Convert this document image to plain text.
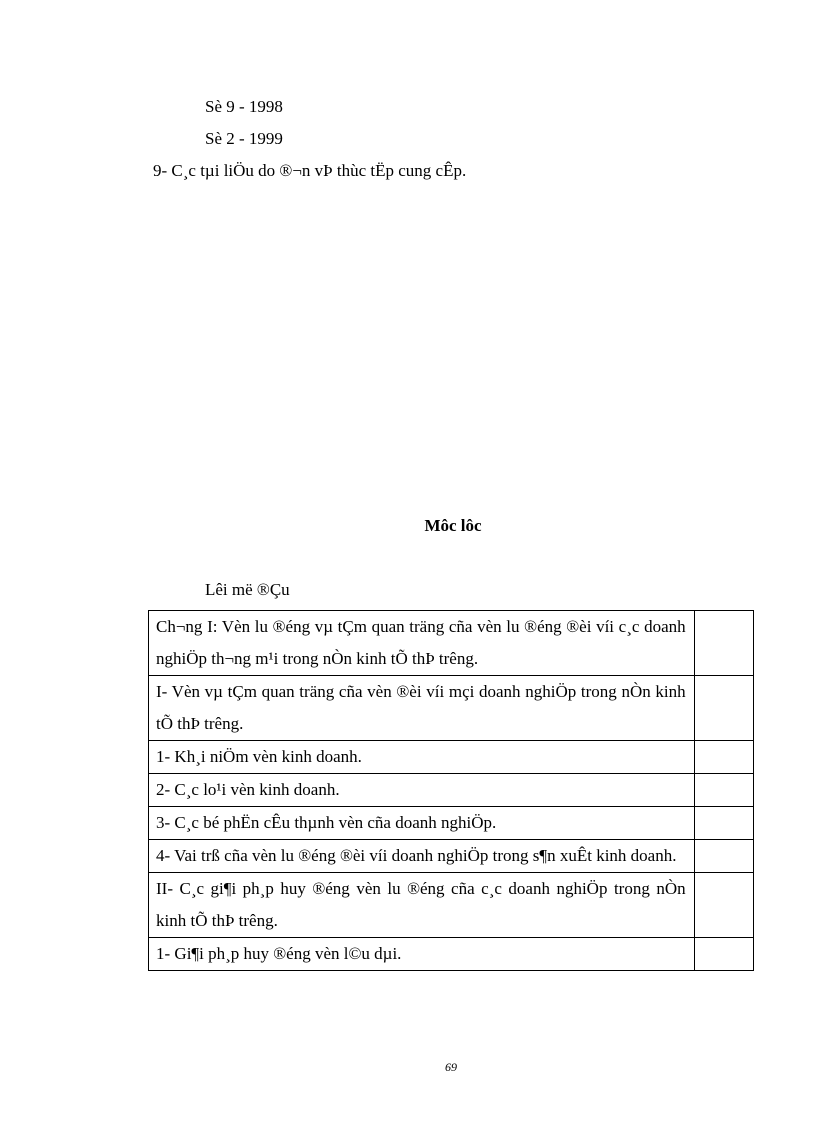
Sè 9 - 1998
Sè 2 - 1999
9- C¸c tµi liÖu do ®¬n vÞ thùc tËp cung cÊp.
Môc lôc
Lêi më ®Çu
Ch¬ng I: Vèn lu ®éng vµ tÇm quan träng cña vèn lu ®éng ®èi víi c¸c doanh nghiÖp th¬ng m¹i trong nÒn kinh tÕ thÞ trêng.	
I- Vèn vµ tÇm quan träng cña vèn ®èi víi mçi doanh nghiÖp trong nÒn kinh tÕ thÞ trêng.	
1- Kh¸i niÖm vèn kinh doanh.	
2- C¸c lo¹i vèn kinh doanh.	
3- C¸c bé phËn cÊu thµnh vèn cña doanh nghiÖp.	
4- Vai trß cña vèn lu ®éng ®èi víi doanh nghiÖp trong s¶n xuÊt kinh doanh.	
II- C¸c gi¶i ph¸p huy ®éng vèn lu ®éng cña c¸c doanh nghiÖp trong nÒn kinh tÕ thÞ trêng.	
1- Gi¶i ph¸p huy ®éng vèn l©u dµi.	
69
